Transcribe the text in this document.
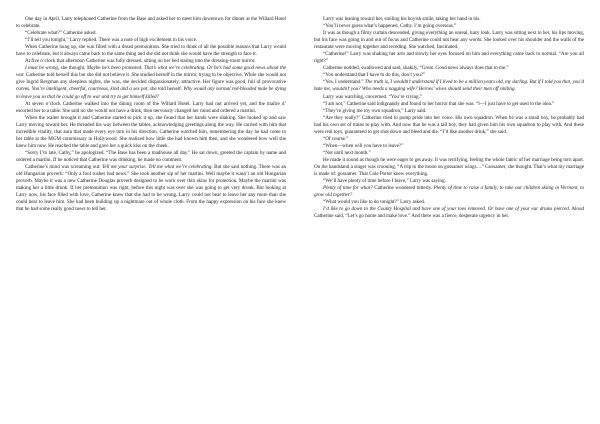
One day in April, Larry telephoned Catherine from the Base and asked her to meet him downtown for dinner at the Willard Hotel to celebrate.

“Celebrate what?” Catherine asked.

“I’ll tell you tonight,” Larry replied. There was a note of high excitement in his voice.

When Catherine hung up, she was filled with a dread premonition. She tried to think of all the possible reasons that Larry would have to celebrate, but it always came back to the same thing and she did not think she would have the strength to face it.

At five o’clock that afternoon Catherine was fully dressed, sitting on her bed staring into the dressing-room mirror.

I must be wrong, she thought. Maybe he’s been promoted. That’s what we’re celebrating. Or he’s had some good news about the war. Catherine told herself this but she did not believe it. She studied herself in the mirror, trying to be objective. While she would not give Ingrid Bergman any sleepless nights, she was, she decided dispassionately, attractive. Her figure was good, full of provocative curves. You’re intelligent, cheerful, courteous, kind and a sex pot, she told herself. Why would any normal red-blooded male be dying to leave you so that he could go off to war and try to get himself killed?

At seven o’clock Catherine walked into the dining room of the Willard Hotel. Larry had not arrived yet, and the maître d’ escorted her to a table. She said no she would not have a drink, then nervously changed her mind and ordered a martini.

When the waiter brought it and Catherine started to pick it up, she found that her hands were shaking. She looked up and saw Larry moving toward her. He threaded his way between the tables, acknowledging greetings along the way. He carried with him that incredible vitality, that aura that made every eye turn in his direction. Catherine watched him, remembering the day he had come to her table at the MGM commissary in Hollywood. She realized how little she had known him then, and she wondered how well she knew him now. He reached the table and gave her a quick kiss on the cheek.

“Sorry I’m late, Cathy,” he apologized. “The Base has been a madhouse all day.” He sat down, greeted the captain by name and ordered a martini. If he noticed that Catherine was drinking, he made no comment.

Catherine’s mind was screaming out: Tell me your surprise. Tell me what we’re celebrating. But she said nothing. There was an old Hungarian proverb: “Only a fool rushes bad news.” She took another sip of her martini. Well maybe it wasn’t an old Hungarian proverb. Maybe it was a new Catherine Douglas proverb designed to be worn over thin skins for protection. Maybe the martini was making her a little drunk. If her premonition was right, before this night was over she was going to get very drunk. But looking at Larry now, his face filled with love, Catherine knew that she had to be wrong. Larry could not bear to leave her any more than she could bear to leave him. She had been building up a nightmare out of whole cloth. From the happy expression on his face she knew that he had some really good news to tell her.

Larry was leaning toward her, smiling his boyish smile, taking her hand in his.

“You’ll never guess what’s happened, Cathy. I’m going overseas.”

It was as though a filmy curtain descended, giving everything an unreal, hazy look. Larry was sitting next to her, his lips moving, but his face was going in and out of focus and Catherine could not hear any words. She looked over his shoulder and the walls of the restaurant were moving together and receding. She watched, fascinated.

“Catherine!” Larry was shaking her arm and slowly her eyes focused on him and everything came back to normal. “Are you all right?”

Catherine nodded, swallowed and said, shakily, “Great. Good news always does that to me.”

“You understand that I have to do this, don’t you?”

“Yes, I understand.” The truth is, I wouldn’t understand if I lived to be a million years old, my darling. But if I told you that, you’d hate me, wouldn’t you? Who needs a nagging wife? Heroes’ wives should send their men off smiling.

Larry was watching, concerned. “You’re crying.”

“I am not,” Catherine said indignantly and found to her horror that she was. “I—I just have to get used to the idea.”

“They’re giving me my own squadron,” Larry said.

“Are they really?” Catherine tried to pump pride into her voice. His own squadron. When he was a small boy, he probably had had his own set of trains to play with. And now that he was a tall boy, they had given him his own squadron to play with. And these were real toys, guaranteed to get shot down and bleed and die. “I’d like another drink,” she said.

“Of course.”

“When—when will you have to leave?”

“Not until next month.”

He made it sound as though he were eager to get away. It was terrifying, feeling the whole fabric of her marriage being torn apart. On the handstand a singer was crooning, “A trip to the moon on gossamer wings…” Gossamer, she thought. That’s what my marriage is made of: gossamer. That Cole Porter knew everything.

“We’ll have plenty of time before I leave,” Larry was saying.

Plenty of time for what? Catherine wondered bitterly. Plenty of time to raise a family, to take our children skiing in Vermont, to grow old together?

“What would you like to do tonight?” Larry asked.

I’d like to go down to the County Hospital and have one of your toes removed. Or have one of your ear drums pierced. Aloud Catherine said, “Let’s go home and make love.” And there was a fierce, desperate urgency in her.
